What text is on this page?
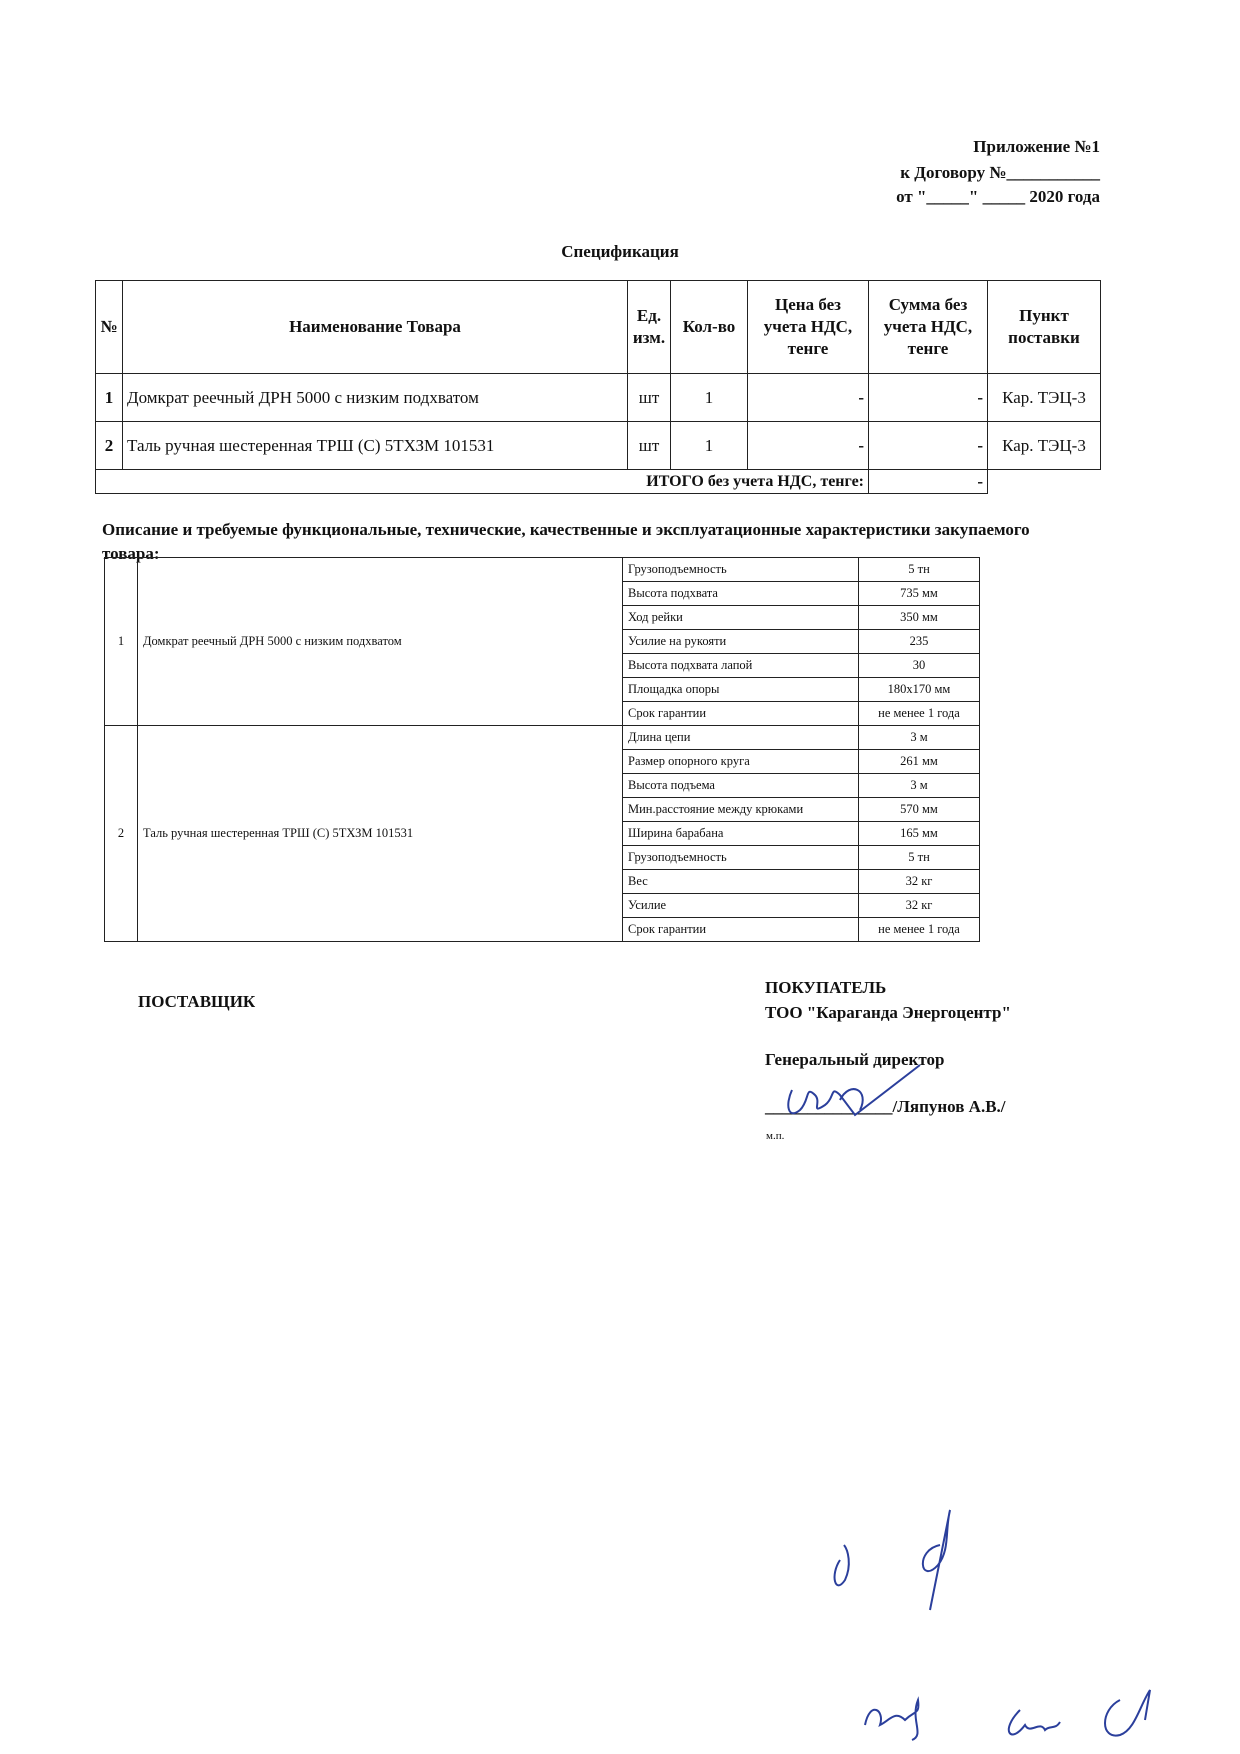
Приложение №1
к Договору №___________
от "_____" _____ 2020 года
Спецификация
№	Наименование Товара	Ед. изм.	Кол-во	Цена без учета НДС, тенге	Сумма без учета НДС, тенге	Пункт поставки
1	Домкрат реечный ДРН 5000 с низким подхватом	шт	1	-	-	Кар. ТЭЦ-3
2	Таль ручная шестеренная ТРШ (С) 5ТХЗМ 101531	шт	1	-	-	Кар. ТЭЦ-3
ИТОГО без учета НДС, тенге:					-	
Описание и требуемые функциональные, технические, качественные и эксплуатационные характеристики закупаемого товара:
1	Домкрат реечный ДРН 5000 с низким подхватом	Грузоподъемность	5 тн
		Высота подхвата	735 мм
		Ход рейки	350 мм
		Усилие на рукояти	235
		Высота подхвата лапой	30
		Площадка опоры	180х170 мм
		Срок гарантии	не менее 1 года
2	Таль ручная шестеренная ТРШ (С) 5ТХЗМ 101531	Длина цепи	3 м
		Размер опорного круга	261 мм
		Высота подъема	3 м
		Мин.расстояние между крюками	570 мм
		Ширина барабана	165 мм
		Грузоподъемность	5 тн
		Вес	32 кг
		Усилие	32 кг
		Срок гарантии	не менее 1 года
ПОСТАВЩИК
ПОКУПАТЕЛЬ
ТОО "Караганда Энергоцентр"
Генеральный директор
_______________/Ляпунов А.В./
м.п.
